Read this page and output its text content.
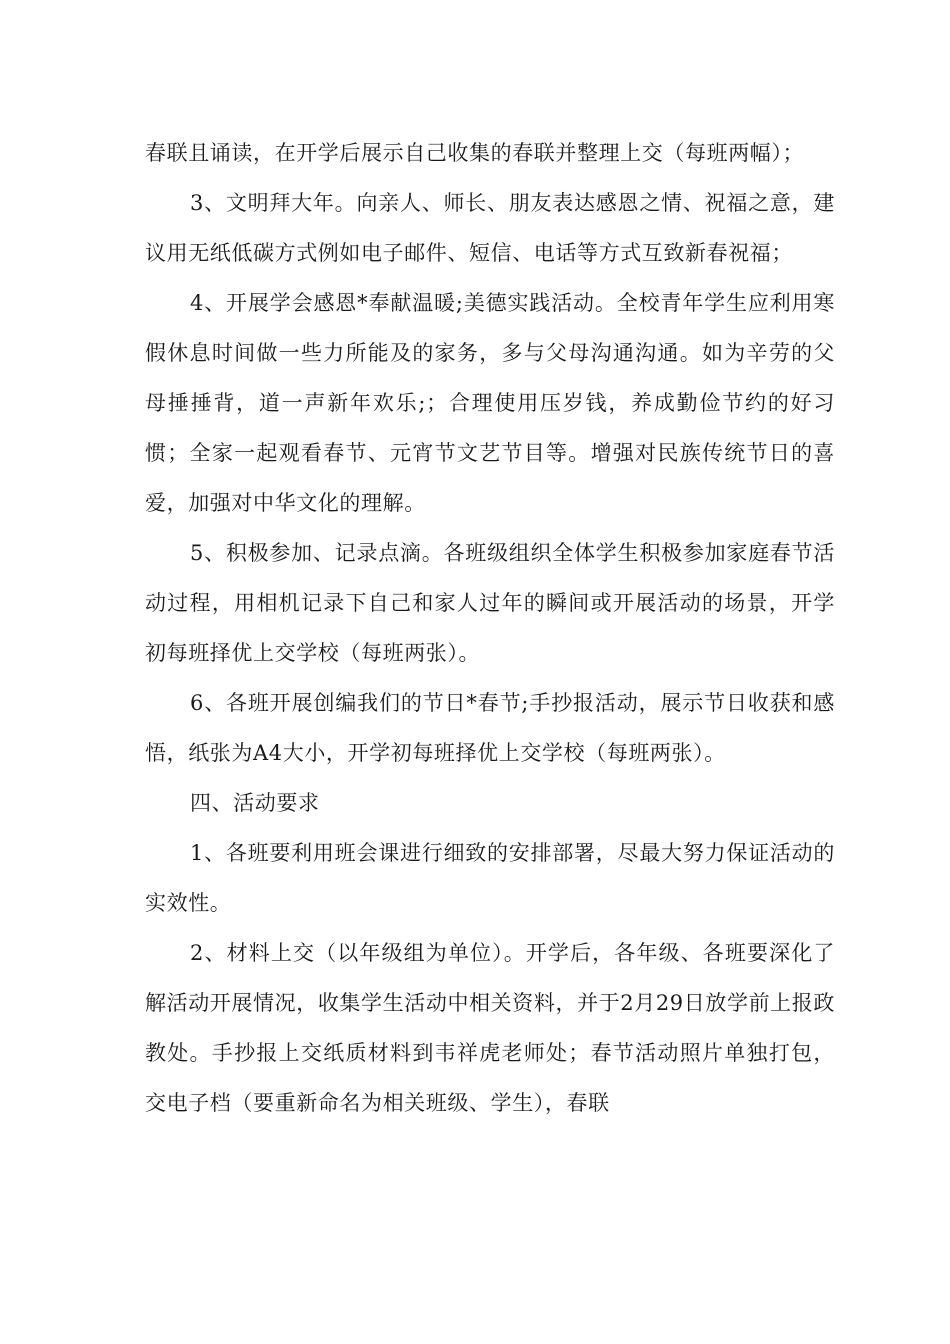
春联且诵读，在开学后展示自己收集的春联并整理上交（每班两幅）；

3、文明拜大年。向亲人、师长、朋友表达感恩之情、祝福之意，建议用无纸低碳方式例如电子邮件、短信、电话等方式互致新春祝福；

4、开展学会感恩*奉献温暖;美德实践活动。全校青年学生应利用寒假休息时间做一些力所能及的家务，多与父母沟通沟通。如为辛劳的父母捶捶背，道一声新年欢乐;；合理使用压岁钱，养成勤俭节约的好习惯；全家一起观看春节、元宵节文艺节目等。增强对民族传统节日的喜爱，加强对中华文化的理解。

5、积极参加、记录点滴。各班级组织全体学生积极参加家庭春节活动过程，用相机记录下自己和家人过年的瞬间或开展活动的场景，开学初每班择优上交学校（每班两张）。

6、各班开展创编我们的节日*春节;手抄报活动，展示节日收获和感悟，纸张为A4大小，开学初每班择优上交学校（每班两张）。

四、活动要求

1、各班要利用班会课进行细致的安排部署，尽最大努力保证活动的实效性。

2、材料上交（以年级组为单位）。开学后，各年级、各班要深化了解活动开展情况，收集学生活动中相关资料，并于2月29日放学前上报政教处。手抄报上交纸质材料到韦祥虎老师处；春节活动照片单独打包，交电子档（要重新命名为相关班级、学生），春联
